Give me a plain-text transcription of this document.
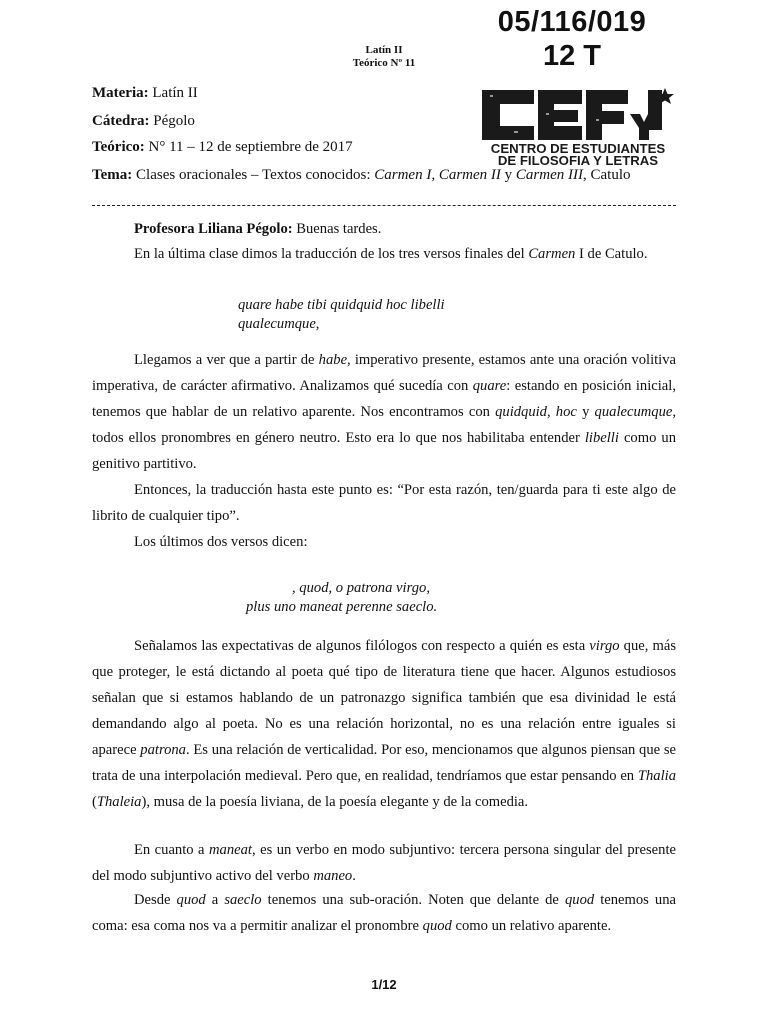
05/116/019
12 T
Latín II
Teórico Nº 11
Materia: Latín II
Cátedra: Pégolo
Teórico: N° 11 – 12 de septiembre de 2017
Tema: Clases oracionales – Textos conocidos: Carmen I, Carmen II y Carmen III, Catulo
CENTRO DE ESTUDIANTES
DE FILOSOFIA Y LETRAS
Profesora Liliana Pégolo: Buenas tardes.
En la última clase dimos la traducción de los tres versos finales del Carmen I de Catulo.
quare habe tibi quidquid hoc libelli
qualecumque,
Llegamos a ver que a partir de habe, imperativo presente, estamos ante una oración volitiva imperativa, de carácter afirmativo. Analizamos qué sucedía con quare: estando en posición inicial, tenemos que hablar de un relativo aparente. Nos encontramos con quidquid, hoc y qualecumque, todos ellos pronombres en género neutro. Esto era lo que nos habilitaba entender libelli como un genitivo partitivo.
Entonces, la traducción hasta este punto es: “Por esta razón, ten/guarda para ti este algo de librito de cualquier tipo”.
Los últimos dos versos dicen:
, quod, o patrona virgo,
plus uno maneat perenne saeclo.
Señalamos las expectativas de algunos filólogos con respecto a quién es esta virgo que, más que proteger, le está dictando al poeta qué tipo de literatura tiene que hacer. Algunos estudiosos señalan que si estamos hablando de un patronazgo significa también que esa divinidad le está demandando algo al poeta. No es una relación horizontal, no es una relación entre iguales si aparece patrona. Es una relación de verticalidad. Por eso, mencionamos que algunos piensan que se trata de una interpolación medieval. Pero que, en realidad, tendríamos que estar pensando en Thalia (Thaleia), musa de la poesía liviana, de la poesía elegante y de la comedia.
En cuanto a maneat, es un verbo en modo subjuntivo: tercera persona singular del presente del modo subjuntivo activo del verbo maneo.
Desde quod a saeclo tenemos una sub-oración. Noten que delante de quod tenemos una coma: esa coma nos va a permitir analizar el pronombre quod como un relativo aparente.
1/12
